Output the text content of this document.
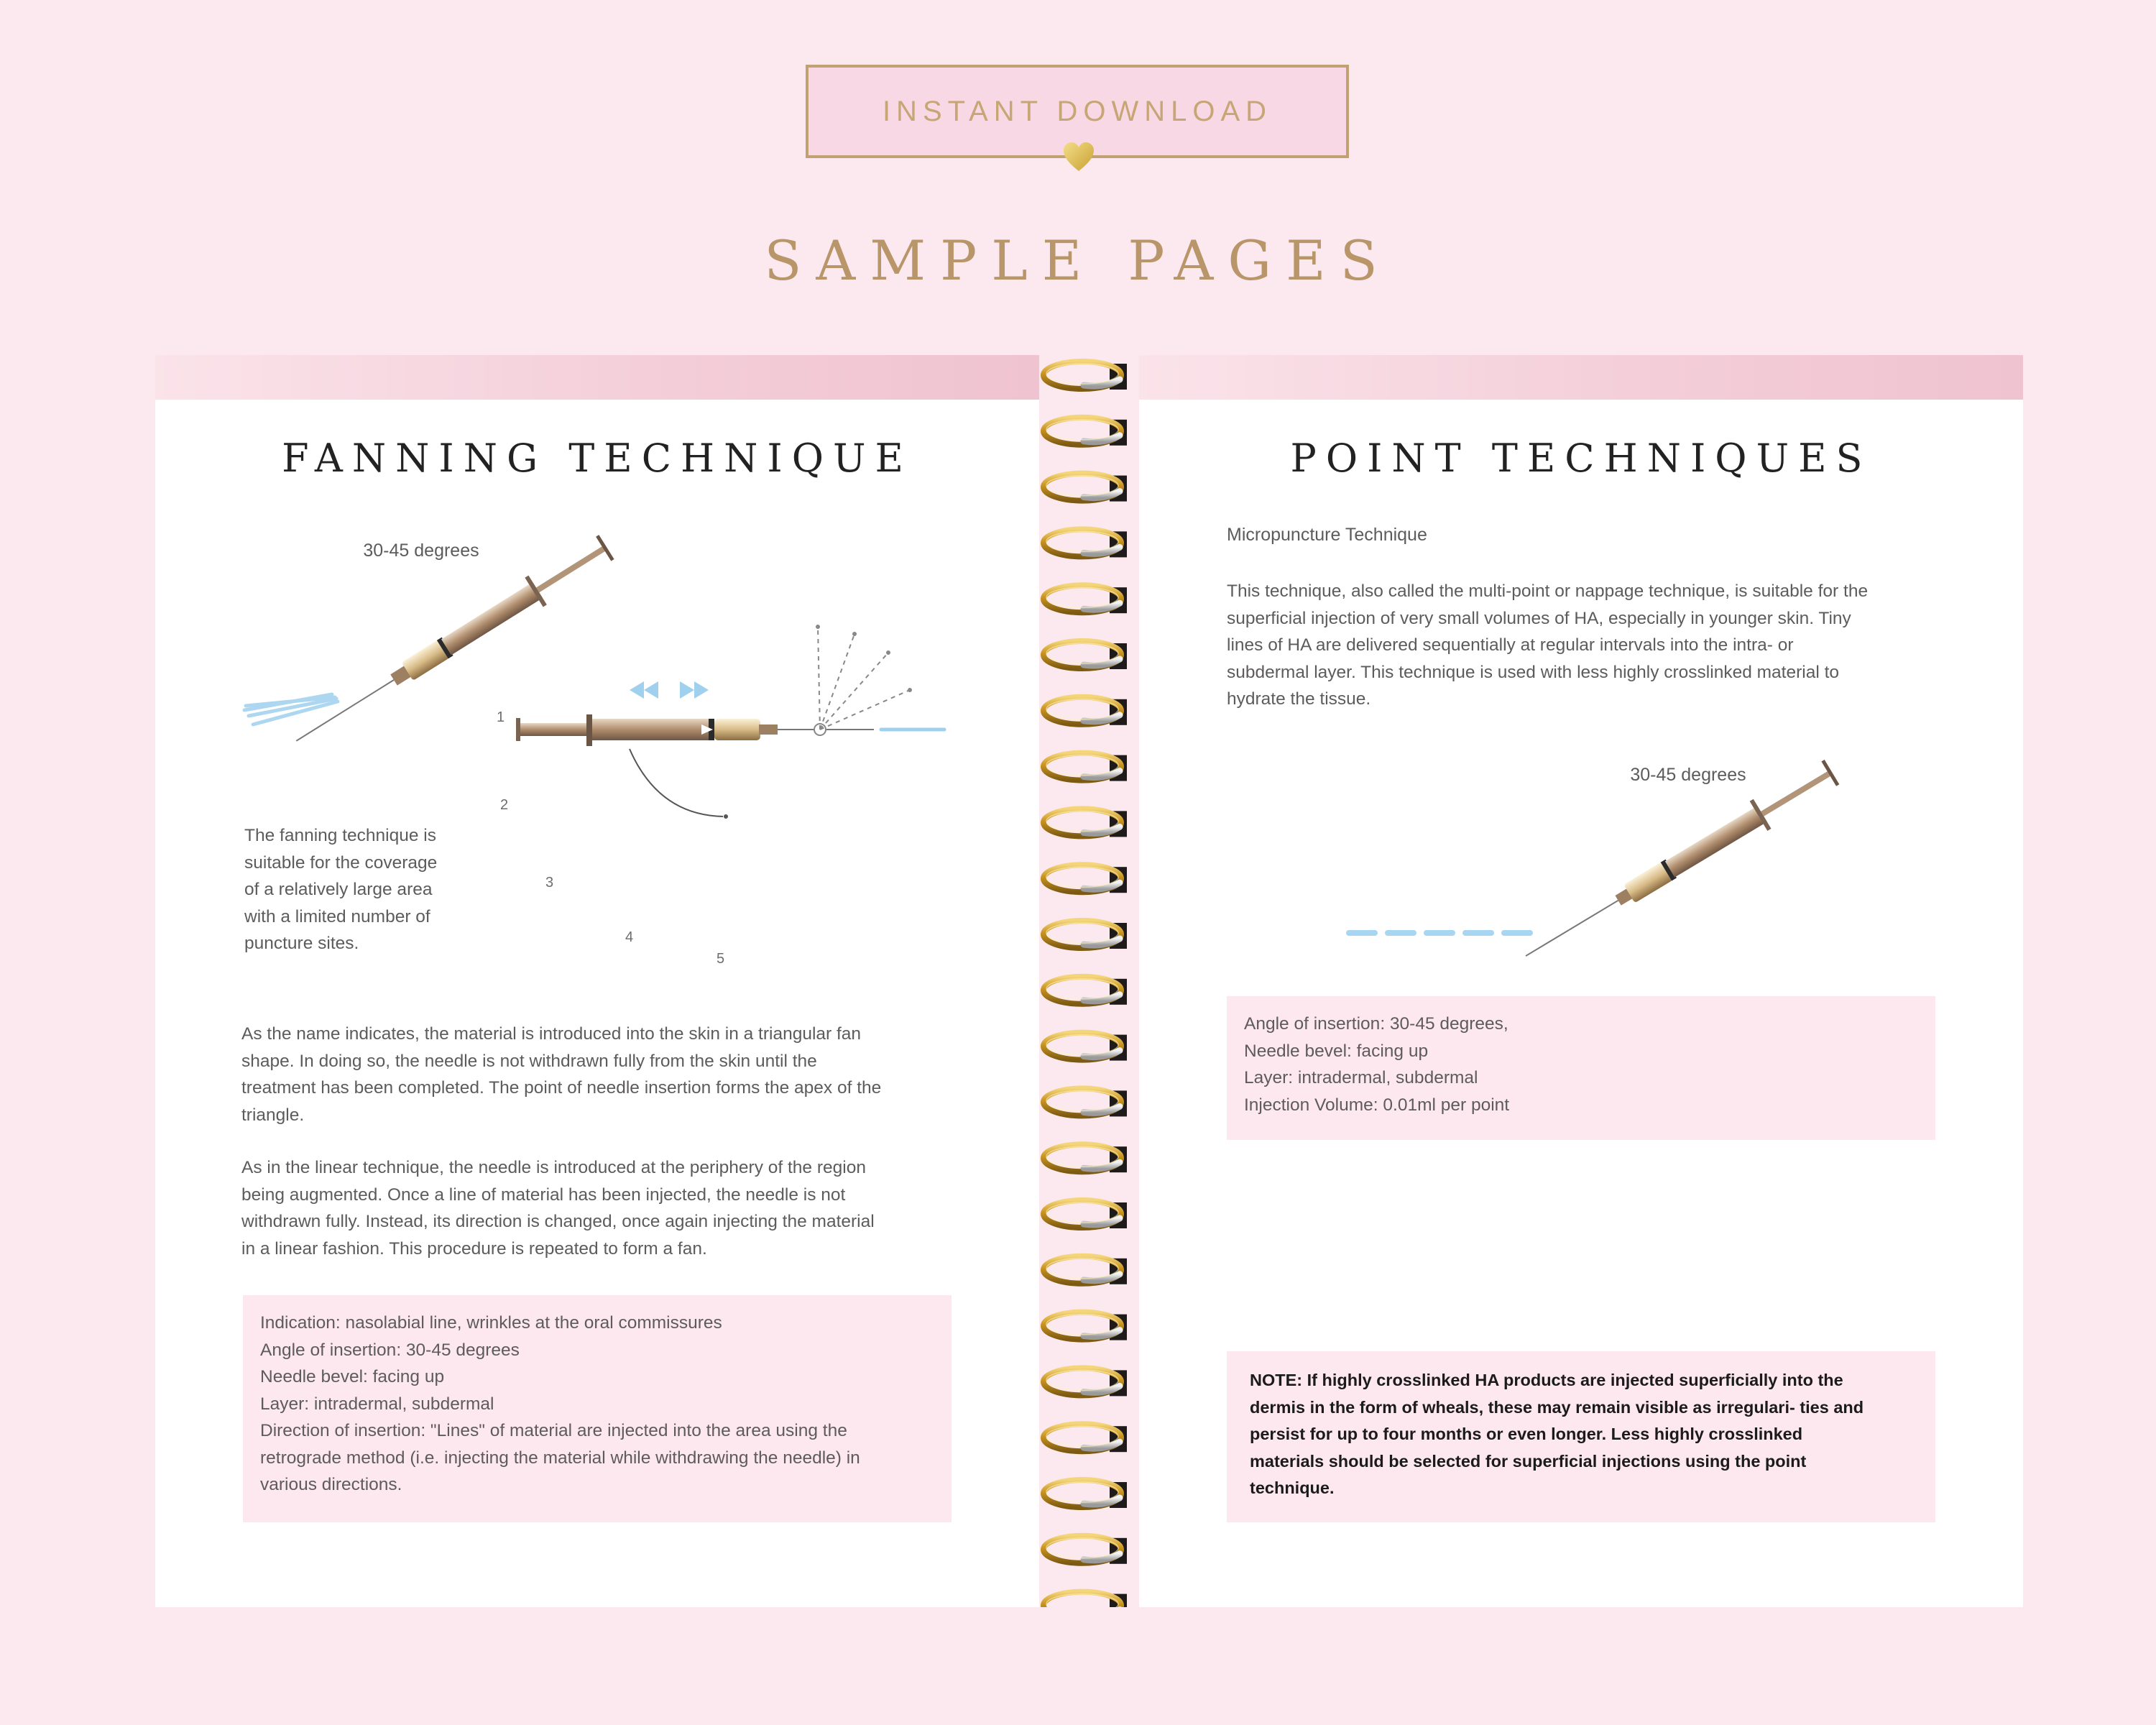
INSTANT DOWNLOAD
SAMPLE PAGES
FANNING TECHNIQUE
30-45 degrees
1
2
3
4
5
The fanning technique is
suitable for the coverage
of a relatively large area
with a limited number of
puncture sites.
As the name indicates, the material is introduced into the skin in a triangular fan
shape. In doing so, the needle is not withdrawn fully from the skin until the
treatment has been completed. The point of needle insertion forms the apex of the
triangle.
As in the linear technique, the needle is introduced at the periphery of the region
being augmented. Once a line of material has been injected, the needle is not
withdrawn fully. Instead, its direction is changed, once again injecting the material
in a linear fashion. This procedure is repeated to form a fan.
Indication: nasolabial line, wrinkles at the oral commissures
Angle of insertion: 30-45 degrees
Needle bevel: facing up
Layer: intradermal, subdermal
Direction of insertion: "Lines" of material are injected into the area using the
retrograde method (i.e. injecting the material while withdrawing the needle) in
various directions.
POINT TECHNIQUES
Micropuncture Technique
This technique, also called the multi-point or nappage technique, is suitable for the
superficial injection of very small volumes of HA, especially in younger skin. Tiny
lines of HA are delivered sequentially at regular intervals into the intra- or
subdermal layer. This technique is used with less highly crosslinked material to
hydrate the tissue.
30-45 degrees
Angle of insertion: 30-45 degrees,
Needle bevel: facing up
Layer: intradermal, subdermal
Injection Volume: 0.01ml per point
NOTE: If highly crosslinked HA products are injected superficially into the
dermis in the form of wheals, these may remain visible as irregulari- ties and
persist for up to four months or even longer. Less highly crosslinked
materials should be selected for superficial injections using the point
technique.
